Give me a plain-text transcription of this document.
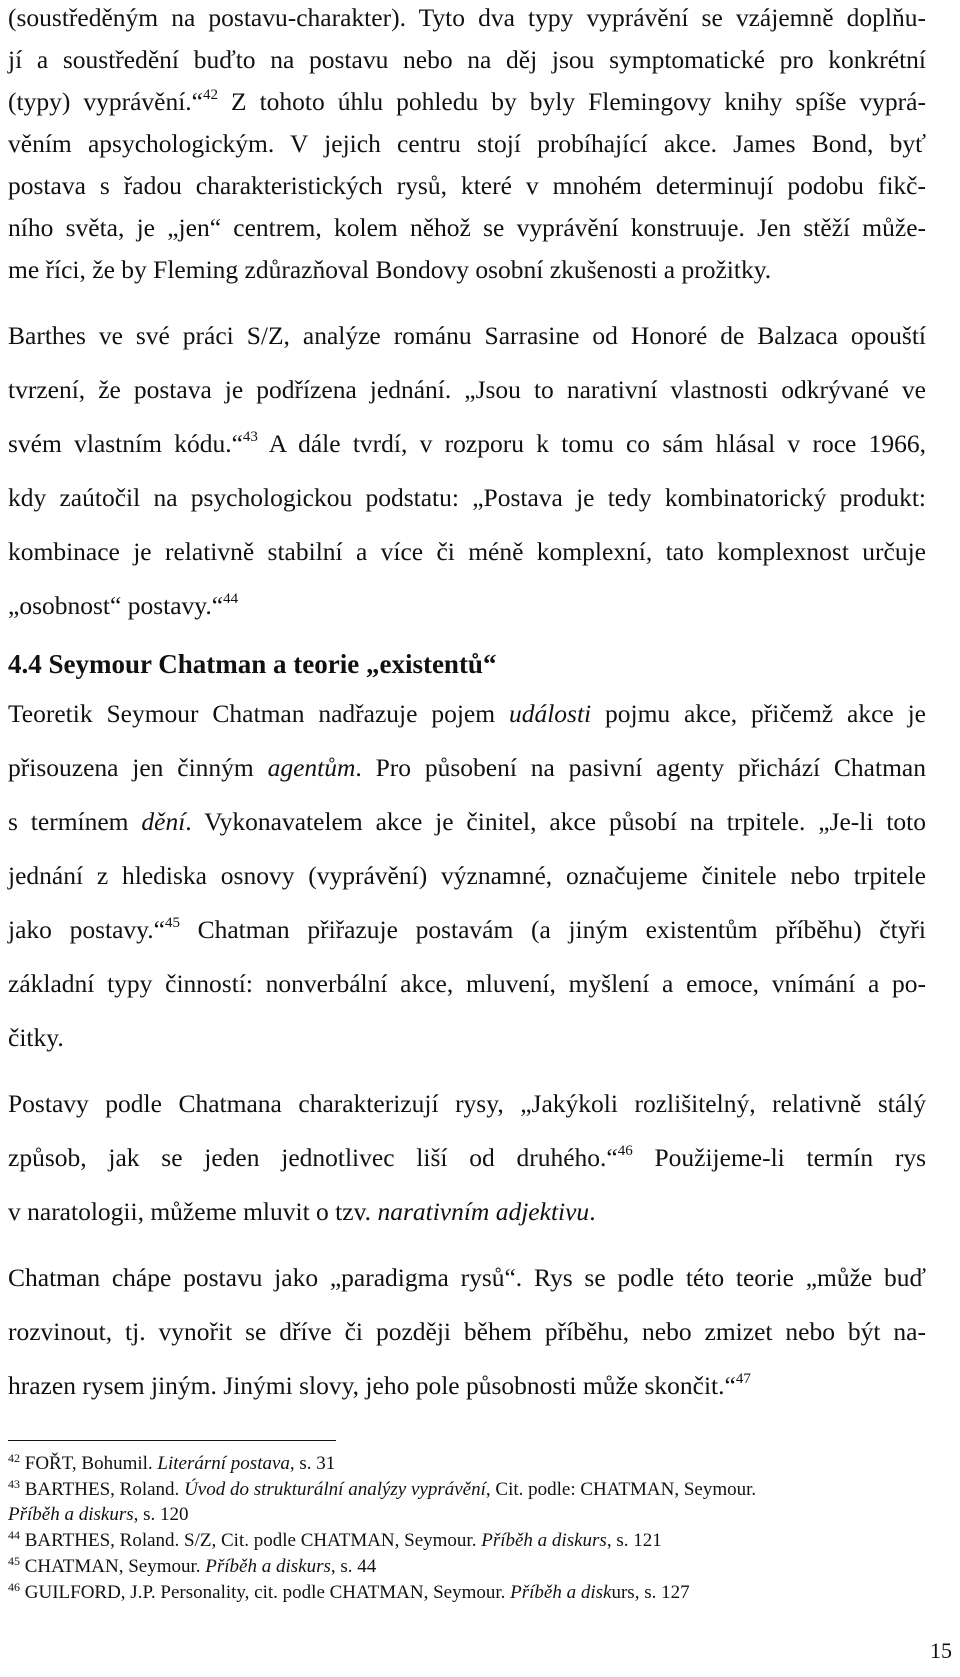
(soustředěným na postavu-charakter). Tyto dva typy vyprávění se vzájemně doplňu-
jí a soustředění buďto na postavu nebo na děj jsou symptomatické pro konkrétní
(typy) vyprávění.“$^{42}$ Z tohoto úhlu pohledu by byly Flemingovy knihy spíše vyprá-
věním apsychologickým. V jejich centru stojí probíhající akce. James Bond, byť
postava s řadou charakteristických rysů, které v mnohém determinují podobu fikč-
ního světa, je „jen“ centrem, kolem něhož se vyprávění konstruuje. Jen stěží může-
me říci, že by Fleming zdůrazňoval Bondovy osobní zkušenosti a prožitky.
Barthes ve své práci S/Z, analýze románu Sarrasine od Honoré de Balzaca opouští
tvrzení, že postava je podřízena jednání. „Jsou to narativní vlastnosti odkrývané ve
svém vlastním kódu.“$^{43}$ A dále tvrdí, v rozporu k tomu co sám hlásal v roce 1966,
kdy zaútočil na psychologickou podstatu: „Postava je tedy kombinatorický produkt:
kombinace je relativně stabilní a více či méně komplexní, tato komplexnost určuje
„osobnost“ postavy.“$^{44}$
4.4 Seymour Chatman a teorie „existentů“
Teoretik Seymour Chatman nadřazuje pojem události pojmu akce, přičemž akce je
přisouzena jen činným agentům. Pro působení na pasivní agenty přichází Chatman
s termínem dění. Vykonavatelem akce je činitel, akce působí na trpitele. „Je-li toto
jednání z hlediska osnovy (vyprávění) významné, označujeme činitele nebo trpitele
jako postavy.“$^{45}$ Chatman přiřazuje postavám (a jiným existentům příběhu) čtyři
základní typy činností: nonverbální akce, mluvení, myšlení a emoce, vnímání a po-
čitky.
Postavy podle Chatmana charakterizují rysy, „Jakýkoli rozlišitelný, relativně stálý
způsob, jak se jeden jednotlivec liší od druhého.“$^{46}$ Použijeme-li termín rys
v naratologii, můžeme mluvit o tzv. narativním adjektivu.
Chatman chápe postavu jako „paradigma rysů“. Rys se podle této teorie „může buď
rozvinout, tj. vynořit se dříve či později během příběhu, nebo zmizet nebo být na-
hrazen rysem jiným. Jinými slovy, jeho pole působnosti může skončit.“$^{47}$
$^{42}$ FOŘT, Bohumil. Literární postava, s. 31
$^{43}$ BARTHES, Roland. Úvod do strukturální analýzy vyprávění, Cit. podle: CHATMAN, Seymour.
Příběh a diskurs, s. 120
$^{44}$ BARTHES, Roland. S/Z, Cit. podle CHATMAN, Seymour. Příběh a diskurs, s. 121
$^{45}$ CHATMAN, Seymour. Příběh a diskurs, s. 44
$^{46}$ GUILFORD, J.P. Personality, cit. podle CHATMAN, Seymour. Příběh a diskurs, s. 127
15
